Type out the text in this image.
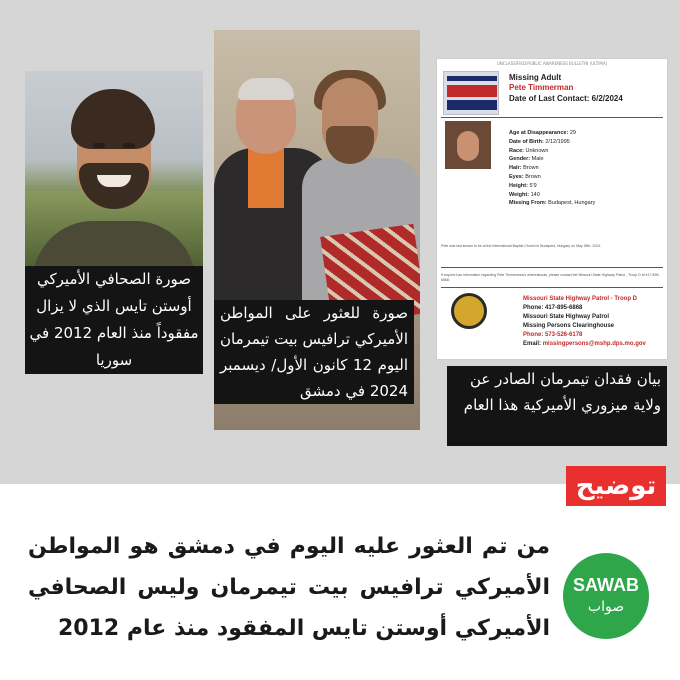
صورة الصحافي الأميركي أوستن تايس الذي لا يزال مفقوداً منذ العام 2012 في سوريا
صورة للعثور على المواطن الأميركي ترافيس بيت تيمرمان اليوم 12 كانون الأول/ ديسمبر 2024 في دمشق
UNCLASSIFIED/PUBLIC AWARENESS BULLETIN (ULTIMA)
Missing Adult
Pete Timmerman
Date of Last Contact: 6/2/2024
Age at Disappearance: 29
Date of Birth: 2/12/1995
Race: Unknown
Gender: Male
Hair: Brown
Eyes: Brown
Height: 5'9
Weight: 140
Missing From: Budapest, Hungary
Pete was last known to be at the International Baptist Church in Budapest, Hungary on May 28th, 2024.
If anyone has information regarding Pete Timmerman's whereabouts, please contact the Missouri State Highway Patrol - Troop D at 417-895-6868.
Missouri State Highway Patrol - Troop D
Phone: 417-895-6868
Missouri State Highway Patrol
Missing Persons Clearinghouse
Phone: 573-526-6178
Email: missingpersons@mshp.dps.mo.gov
بيان فقدان تيمرمان الصادر عن ولاية ميزوري الأميركية هذا العام
توضيح
من تم العثور عليه اليوم في دمشق هو المواطن الأميركي ترافيس بيت تيمرمان وليس الصحافي الأميركي أوستن تايس المفقود منذ عام 2012
SAWAB
صواب
